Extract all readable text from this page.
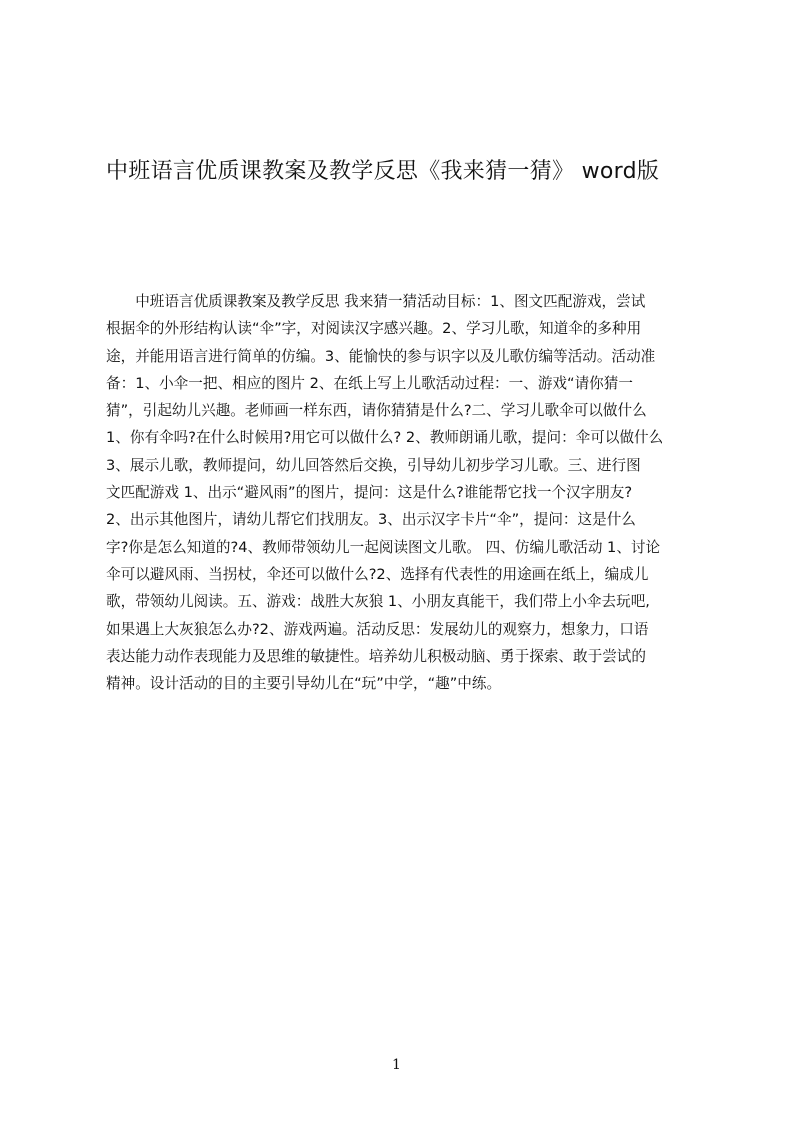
中班语言优质课教案及教学反思《我来猜一猜》 word版
　　中班语言优质课教案及教学反思 我来猜一猜活动目标：1、图文匹配游戏，尝试
根据伞的外形结构认读“伞”字，对阅读汉字感兴趣。2、学习儿歌，知道伞的多种用
途，并能用语言进行简单的仿编。3、能愉快的参与识字以及儿歌仿编等活动。活动准
备：1、小伞一把、相应的图片 2、在纸上写上儿歌活动过程：一、游戏“请你猜一
猜”，引起幼儿兴趣。老师画一样东西，请你猜猜是什么?二、学习儿歌伞可以做什么
1、你有伞吗?在什么时候用?用它可以做什么? 2、教师朗诵儿歌，提问：伞可以做什么
3、展示儿歌，教师提问，幼儿回答然后交换，引导幼儿初步学习儿歌。三、进行图
文匹配游戏 1、出示“避风雨”的图片，提问：这是什么?谁能帮它找一个汉字朋友?
2、出示其他图片，请幼儿帮它们找朋友。3、出示汉字卡片“伞”，提问：这是什么
字?你是怎么知道的?4、教师带领幼儿一起阅读图文儿歌。 四、仿编儿歌活动 1、讨论
伞可以避风雨、当拐杖，伞还可以做什么?2、选择有代表性的用途画在纸上，编成儿
歌，带领幼儿阅读。五、游戏：战胜大灰狼 1、小朋友真能干，我们带上小伞去玩吧,
如果遇上大灰狼怎么办?2、游戏两遍。活动反思：发展幼儿的观察力，想象力，口语
表达能力动作表现能力及思维的敏捷性。培养幼儿积极动脑、勇于探索、敢于尝试的
精神。设计活动的目的主要引导幼儿在“玩”中学，“趣”中练。
1
